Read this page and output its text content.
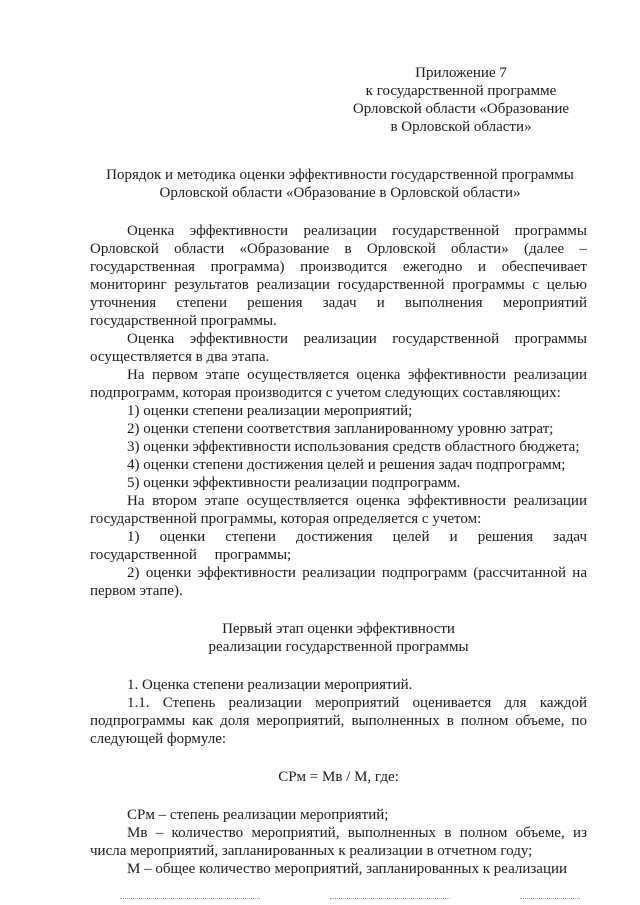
Приложение 7
к государственной программе
Орловской области «Образование
в Орловской области»
Порядок и методика оценки эффективности государственной программы
Орловской области «Образование в Орловской области»

Оценка эффективности реализации государственной программы Орловской области «Образование в Орловской области» (далее – государственная программа) производится ежегодно и обеспечивает мониторинг результатов реализации государственной программы с целью уточнения степени решения задач и выполнения мероприятий государственной программы.

Оценка эффективности реализации государственной программы осуществляется в два этапа.

На первом этапе осуществляется оценка эффективности реализации подпрограмм, которая производится с учетом следующих составляющих:

1) оценки степени реализации мероприятий;
2) оценки степени соответствия запланированному уровню затрат;
3) оценки эффективности использования средств областного бюджета;
4) оценки степени достижения целей и решения задач подпрограмм;
5) оценки эффективности реализации подпрограмм.

На втором этапе осуществляется оценка эффективности реализации государственной программы, которая определяется с учетом:

1) оценки степени достижения целей и решения задач государственной программы;

2) оценки эффективности реализации подпрограмм (рассчитанной на первом этапе).

Первый этап оценки эффективности

реализации государственной программы

1. Оценка степени реализации мероприятий.

1.1. Степень реализации мероприятий оценивается для каждой подпрограммы как доля мероприятий, выполненных в полном объеме, по следующей формуле:

СРм = Мв / М, где:

СРм – степень реализации мероприятий;

Мв – количество мероприятий, выполненных в полном объеме, из числа мероприятий, запланированных к реализации в отчетном году;

М – общее количество мероприятий, запланированных к реализации
